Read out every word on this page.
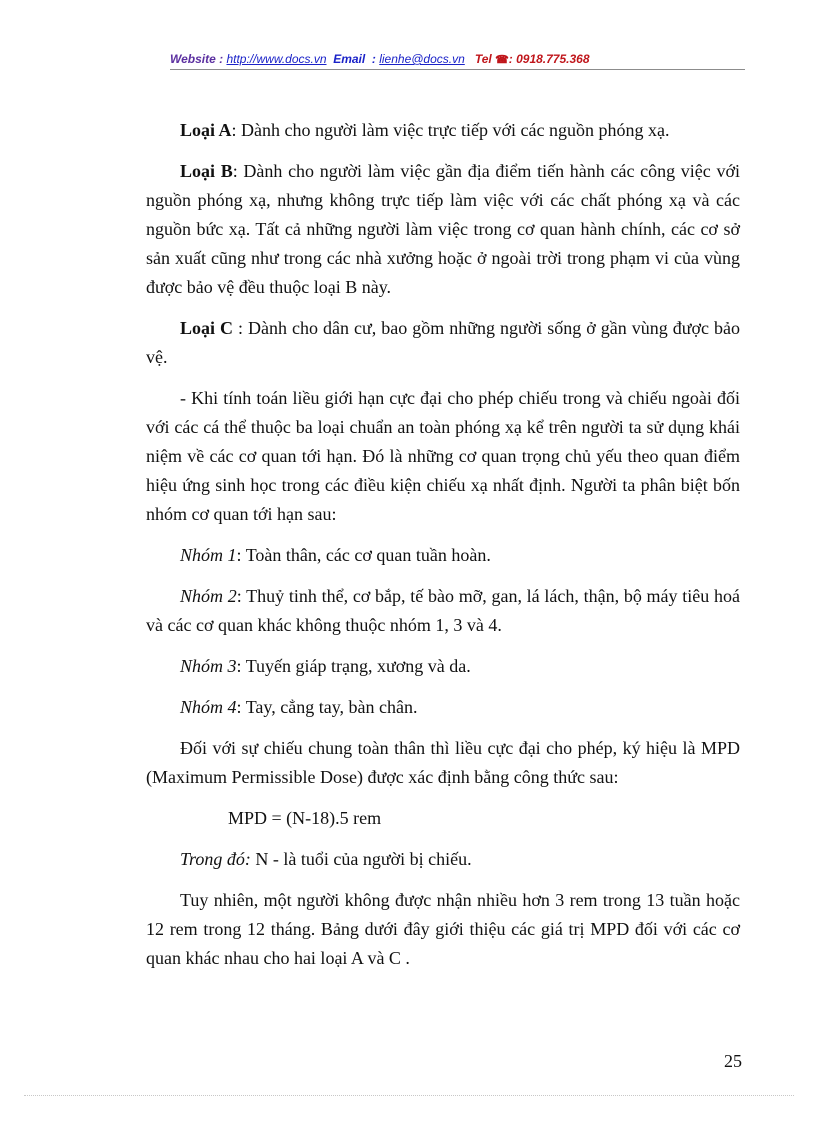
Website : http://www.docs.vn Email : lienhe@docs.vn Tel ☎: 0918.775.368

Loại A: Dành cho người làm việc trực tiếp với các nguồn phóng xạ.

Loại B: Dành cho người làm việc gần địa điểm tiến hành các công việc với nguồn phóng xạ, nhưng không trực tiếp làm việc với các chất phóng xạ và các nguồn bức xạ. Tất cả những người làm việc trong cơ quan hành chính, các cơ sở sản xuất cũng như trong các nhà xưởng hoặc ở ngoài trời trong phạm vi của vùng được bảo vệ đều thuộc loại B này.

Loại C : Dành cho dân cư, bao gồm những người sống ở gần vùng được bảo vệ.

- Khi tính toán liều giới hạn cực đại cho phép chiếu trong và chiếu ngoài đối với các cá thể thuộc ba loại chuẩn an toàn phóng xạ kể trên người ta sử dụng khái niệm về các cơ quan tới hạn. Đó là những cơ quan trọng chủ yếu theo quan điểm hiệu ứng sinh học trong các điều kiện chiếu xạ nhất định. Người ta phân biệt bốn nhóm cơ quan tới hạn sau:

Nhóm 1: Toàn thân, các cơ quan tuần hoàn.

Nhóm 2: Thuỷ tinh thể, cơ bắp, tế bào mỡ, gan, lá lách, thận, bộ máy tiêu hoá và các cơ quan khác không thuộc nhóm 1, 3 và 4.

Nhóm 3: Tuyến giáp trạng, xương và da.

Nhóm 4: Tay, cẳng tay, bàn chân.

Đối với sự chiếu chung toàn thân thì liều cực đại cho phép, ký hiệu là MPD (Maximum Permissible Dose) được xác định bằng công thức sau:

MPD = (N-18).5 rem

Trong đó: N - là tuổi của người bị chiếu.

Tuy nhiên, một người không được nhận nhiều hơn 3 rem trong 13 tuần hoặc 12 rem trong 12 tháng. Bảng dưới đây giới thiệu các giá trị MPD đối với các cơ quan khác nhau cho hai loại A và C .

25
